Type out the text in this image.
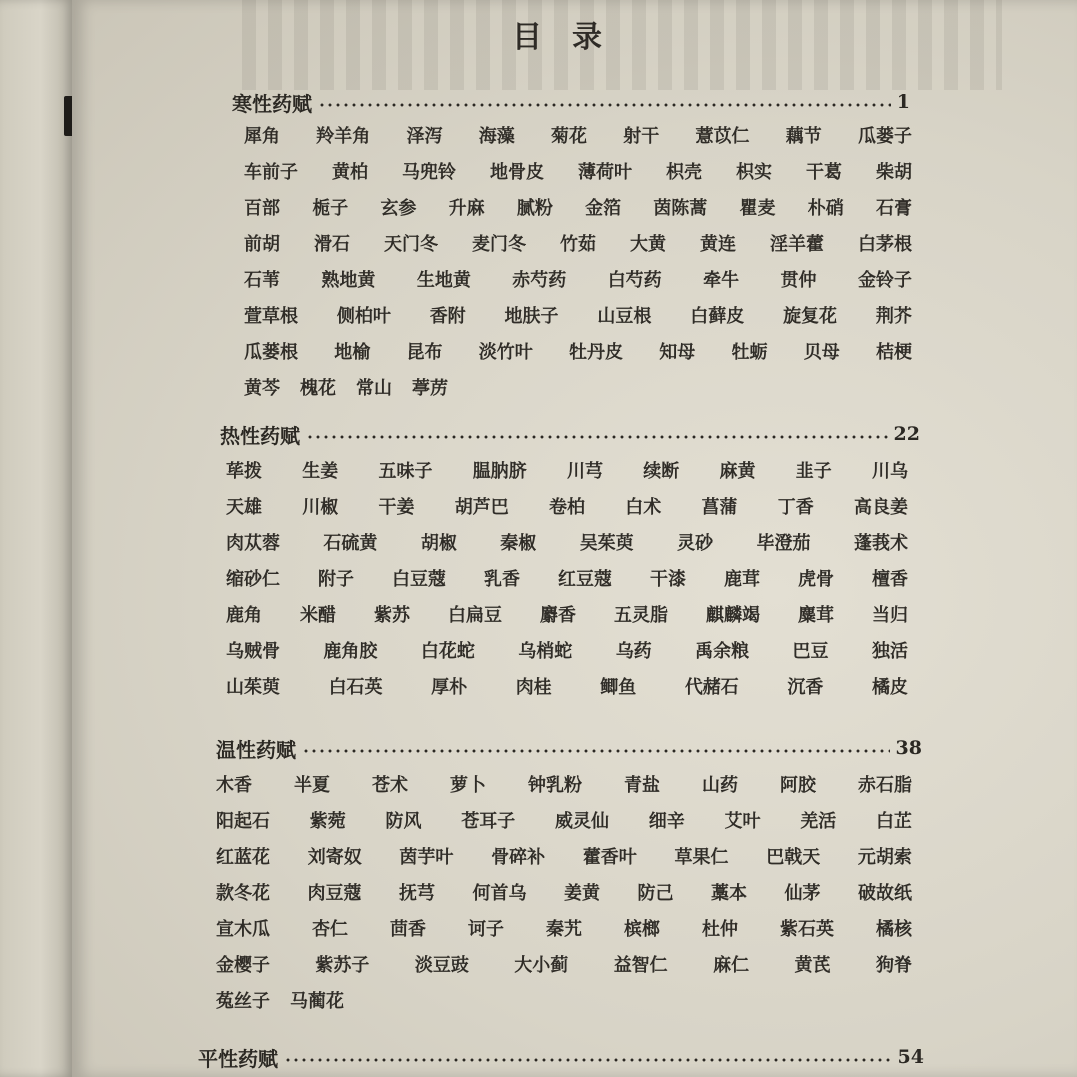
目录
寒性药赋	1
犀角 羚羊角 泽泻 海藻 菊花 射干 薏苡仁 藕节 瓜蒌子
车前子 黄柏 马兜铃 地骨皮 薄荷叶 枳壳 枳实 干葛 柴胡
百部 栀子 玄参 升麻 腻粉 金箔 茵陈蒿 瞿麦 朴硝 石膏
前胡 滑石 天门冬 麦门冬 竹茹 大黄 黄连 淫羊藿 白茅根
石苇 熟地黄 生地黄 赤芍药 白芍药 牵牛 贯仲 金铃子
萱草根 侧柏叶 香附 地肤子 山豆根 白藓皮 旋复花 荆芥
瓜蒌根 地榆 昆布 淡竹叶 牡丹皮 知母 牡蛎 贝母 桔梗
黄芩 槐花 常山 葶苈
热性药赋	22
荜拨 生姜 五味子 腽肭脐 川芎 续断 麻黄 韭子 川乌
天雄 川椒 干姜 胡芦巴 卷柏 白术 菖蒲 丁香 高良姜
肉苁蓉 石硫黄 胡椒 秦椒 吴茱萸 灵砂 毕澄茄 蓬莪术
缩砂仁 附子 白豆蔻 乳香 红豆蔻 干漆 鹿茸 虎骨 檀香
鹿角 米醋 紫苏 白扁豆 麝香 五灵脂 麒麟竭 麋茸 当归
乌贼骨 鹿角胶 白花蛇 乌梢蛇 乌药 禹余粮 巴豆 独活
山茱萸	白石英	厚朴	肉桂	鲫鱼	代赭石	沉香	橘皮
温性药赋	38
木香 半夏 苍术 萝卜 钟乳粉 青盐 山药 阿胶 赤石脂
阳起石 紫菀 防风 苍耳子 威灵仙 细辛 艾叶 羌活 白芷
红蓝花 刘寄奴 茵芋叶 骨碎补 藿香叶 草果仁 巴戟天 元胡索
款冬花 肉豆蔻 抚芎 何首乌 姜黄 防己 藁本 仙茅 破故纸
宣木瓜 杏仁 茴香 诃子 秦艽 槟榔 杜仲 紫石英 橘核
金樱子	紫苏子	淡豆豉	大小蓟	益智仁	麻仁	黄芪	狗脊
菟丝子 马蔺花
平性药赋	54
